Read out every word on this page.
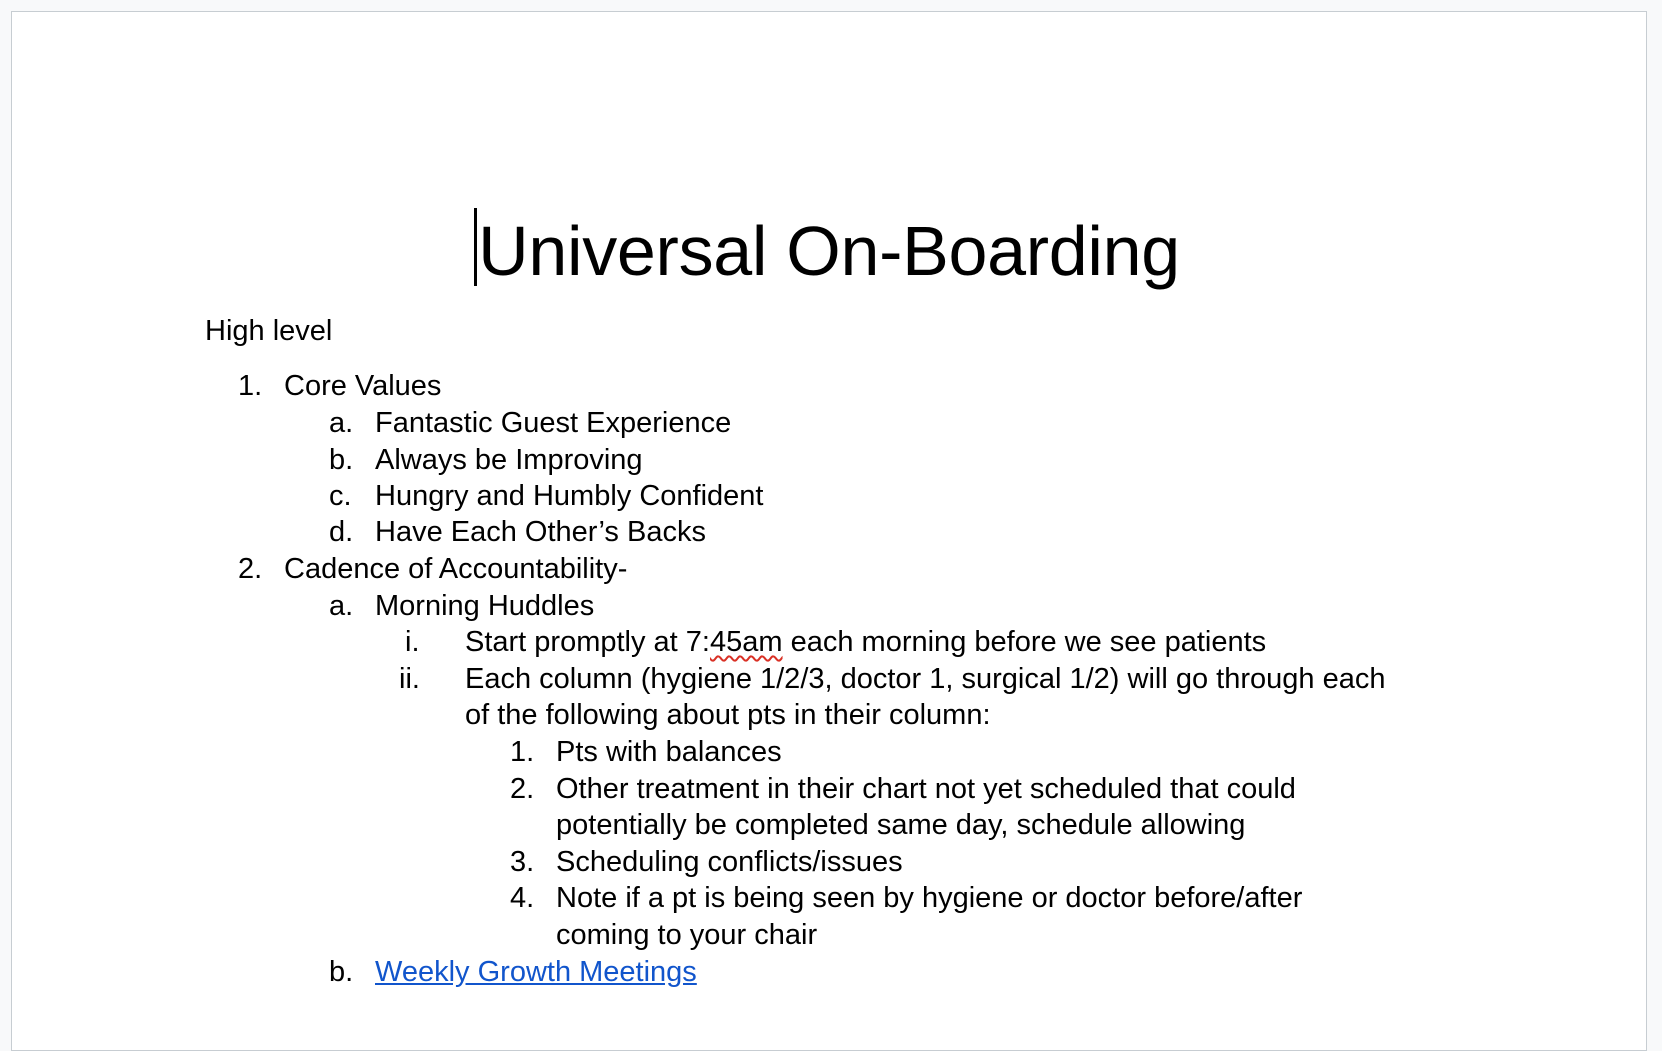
Universal On-Boarding
High level
1. Core Values
a. Fantastic Guest Experience
b. Always be Improving
c. Hungry and Humbly Confident
d. Have Each Other’s Backs
2. Cadence of Accountability-
a. Morning Huddles
i. Start promptly at 7:45am each morning before we see patients
ii. Each column (hygiene 1/2/3, doctor 1, surgical 1/2) will go through each
of the following about pts in their column:
1. Pts with balances
2. Other treatment in their chart not yet scheduled that could
potentially be completed same day, schedule allowing
3. Scheduling conflicts/issues
4. Note if a pt is being seen by hygiene or doctor before/after
coming to your chair
b. Weekly Growth Meetings
